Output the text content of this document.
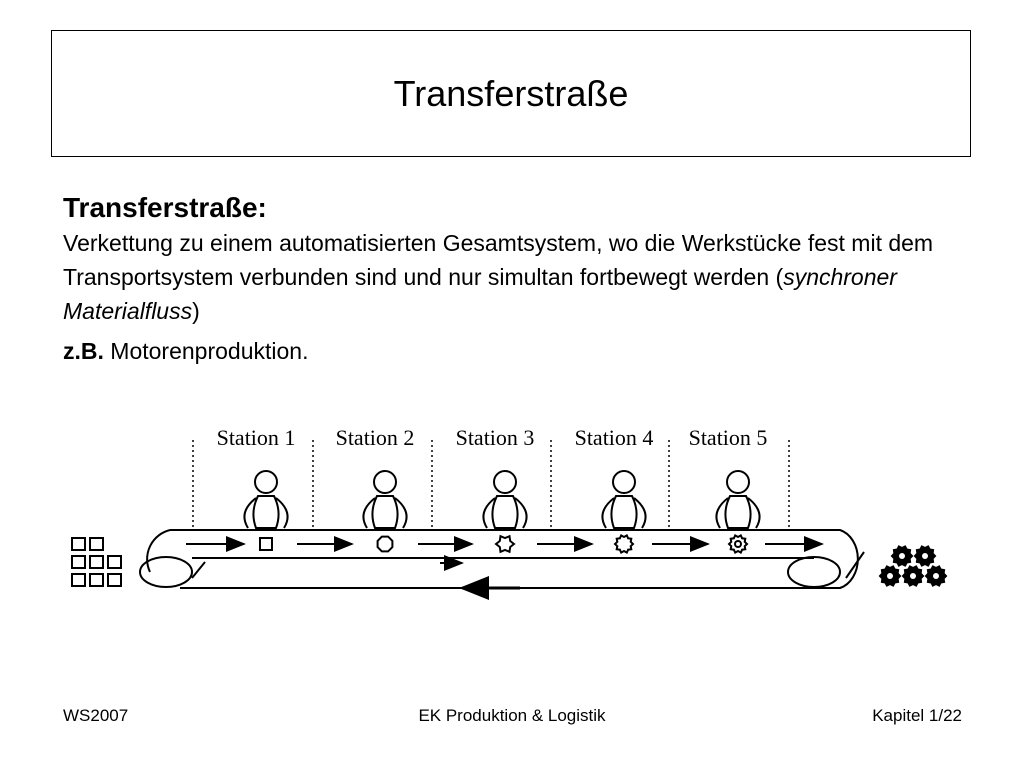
Transferstraße
Transferstraße:
Verkettung zu einem automatisierten Gesamtsystem, wo die Werkstücke fest mit dem Transportsystem verbunden sind und nur simultan fortbewegt werden (synchroner Materialfluss)
z.B. Motorenproduktion.
Station 1 Station 2 Station 3 Station 4 Station 5
WS2007	EK Produktion & Logistik	Kapitel 1/22
